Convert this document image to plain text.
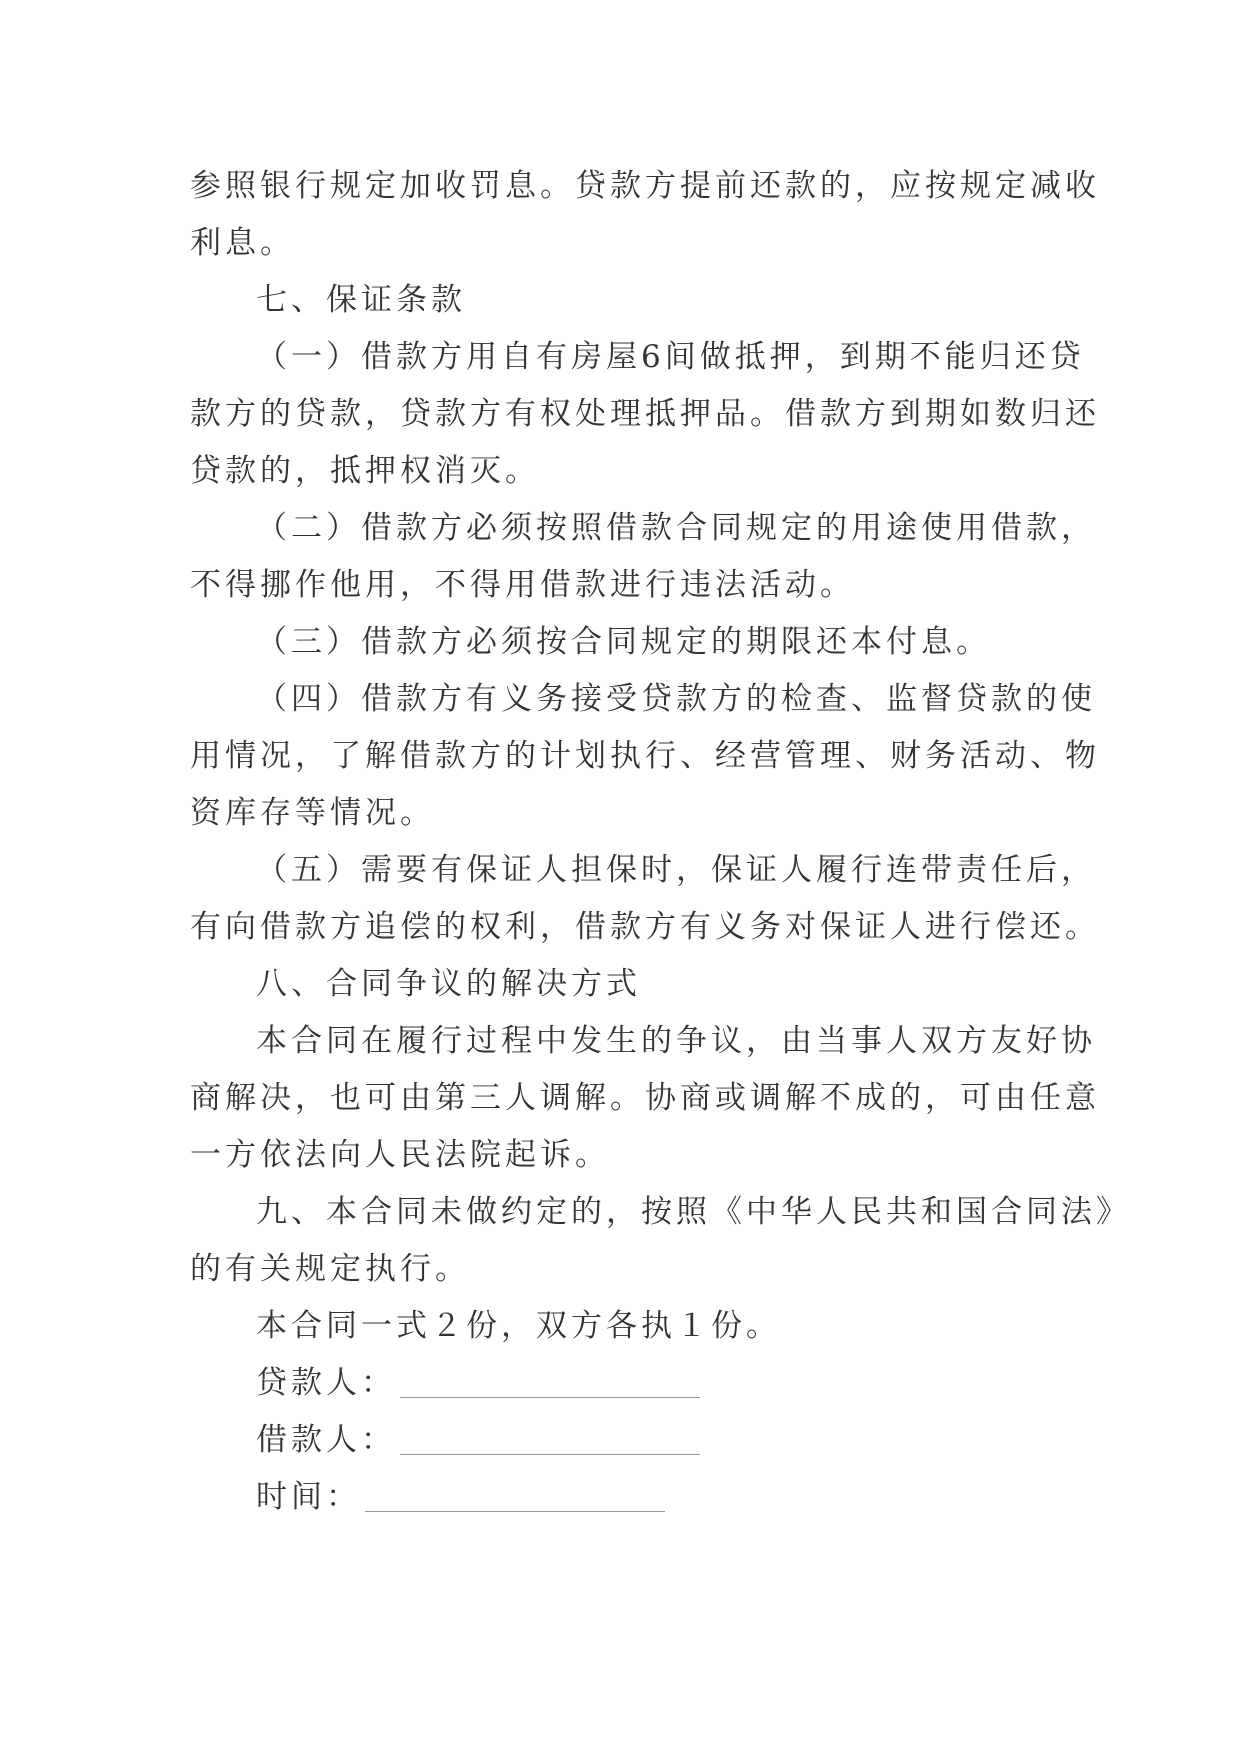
参照银行规定加收罚息。贷款方提前还款的，应按规定减收
利息。
七、保证条款
（一）借款方用自有房屋6间做抵押，到期不能归还贷
款方的贷款，贷款方有权处理抵押品。借款方到期如数归还
贷款的，抵押权消灭。
（二）借款方必须按照借款合同规定的用途使用借款，
不得挪作他用，不得用借款进行违法活动。
（三）借款方必须按合同规定的期限还本付息。
（四）借款方有义务接受贷款方的检查、监督贷款的使
用情况，了解借款方的计划执行、经营管理、财务活动、物
资库存等情况。
（五）需要有保证人担保时，保证人履行连带责任后，
有向借款方追偿的权利，借款方有义务对保证人进行偿还。
八、合同争议的解决方式
本合同在履行过程中发生的争议，由当事人双方友好协
商解决，也可由第三人调解。协商或调解不成的，可由任意
一方依法向人民法院起诉。
九、本合同未做约定的，按照《中华人民共和国合同法》
的有关规定执行。
本合同一式２份，双方各执１份。
贷款人：
借款人：
时间：
